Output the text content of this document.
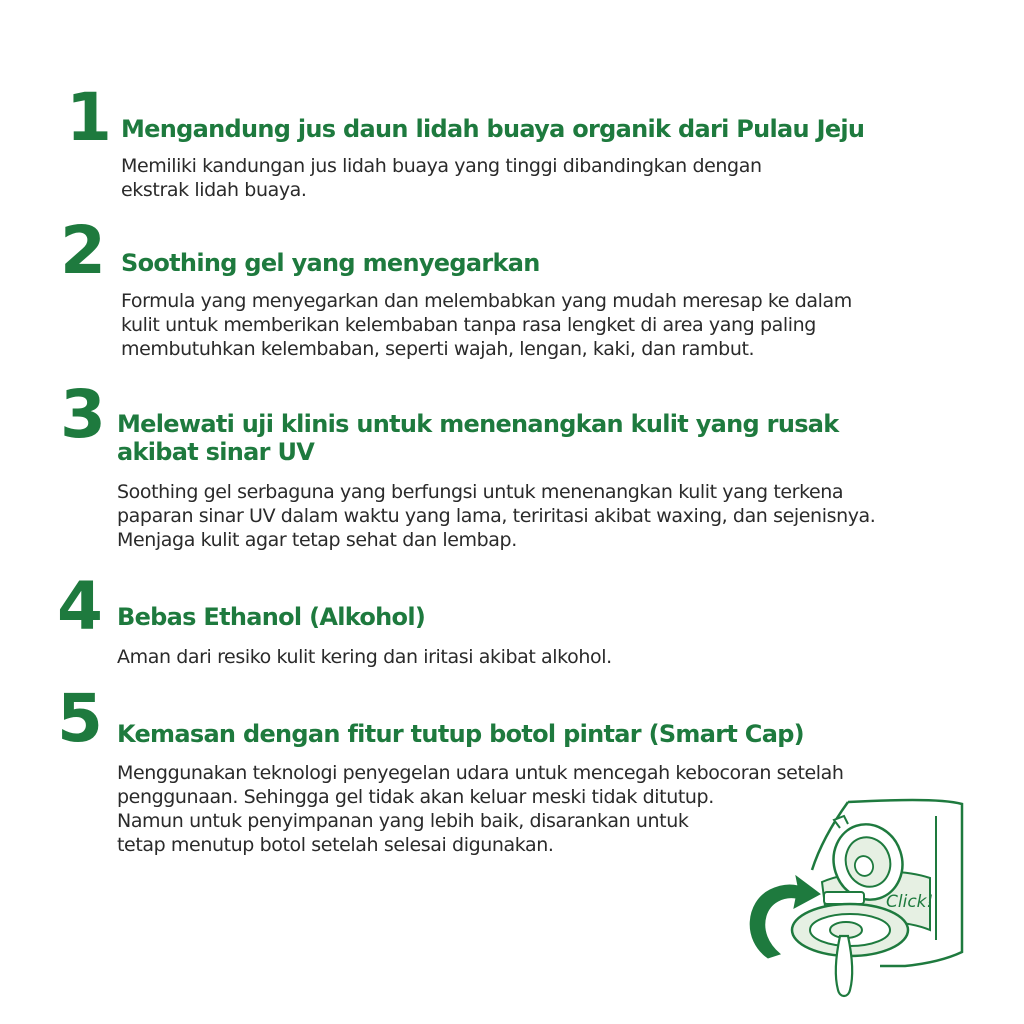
1 Mengandung jus daun lidah buaya organik dari Pulau Jeju
Memiliki kandungan jus lidah buaya yang tinggi dibandingkan dengan
ekstrak lidah buaya.
2 Soothing gel yang menyegarkan
Formula yang menyegarkan dan melembabkan yang mudah meresap ke dalam
kulit untuk memberikan kelembaban tanpa rasa lengket di area yang paling
membutuhkan kelembaban, seperti wajah, lengan, kaki, dan rambut.
3 Melewati uji klinis untuk menenangkan kulit yang rusak
akibat sinar UV
Soothing gel serbaguna yang berfungsi untuk menenangkan kulit yang terkena
paparan sinar UV dalam waktu yang lama, teriritasi akibat waxing, dan sejenisnya.
Menjaga kulit agar tetap sehat dan lembap.
4 Bebas Ethanol (Alkohol)
Aman dari resiko kulit kering dan iritasi akibat alkohol.
5 Kemasan dengan fitur tutup botol pintar (Smart Cap)
Menggunakan teknologi penyegelan udara untuk mencegah kebocoran setelah
penggunaan. Sehingga gel tidak akan keluar meski tidak ditutup.
Namun untuk penyimpanan yang lebih baik, disarankan untuk
tetap menutup botol setelah selesai digunakan.
Click!
